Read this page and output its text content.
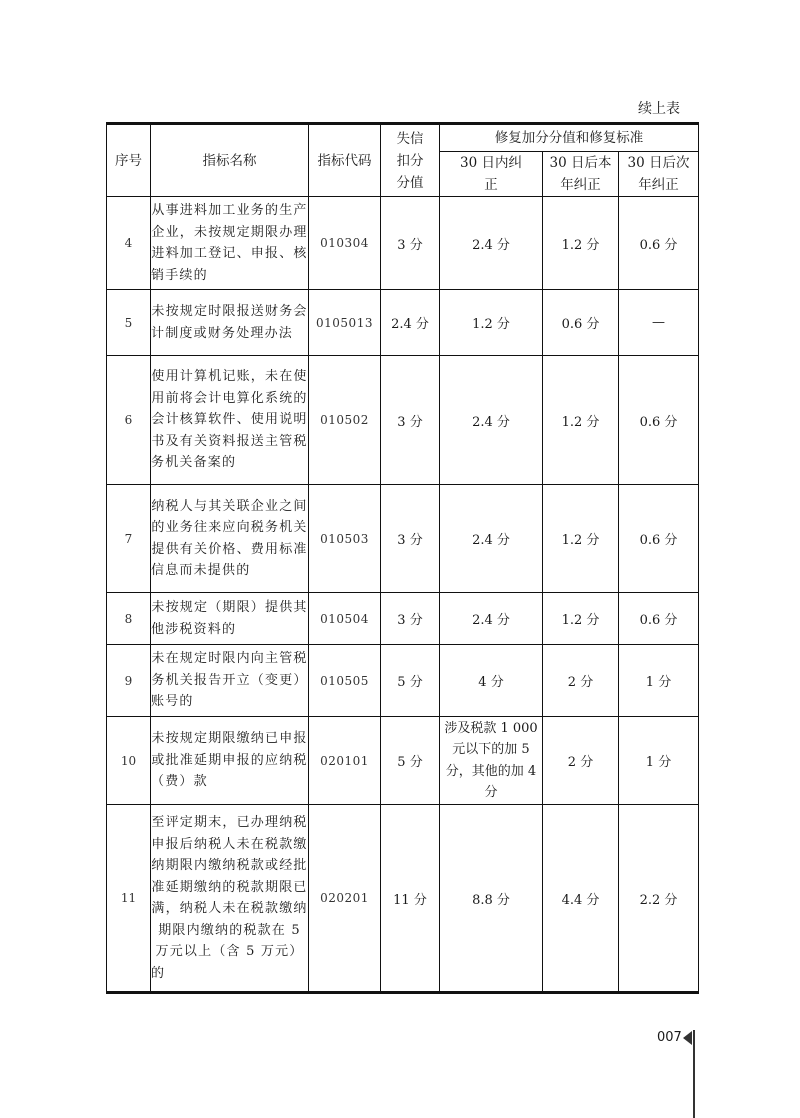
续上表
序号	指标名称	指标代码	失信扣分分值	修复加分分值和修复标准		
				30 日内纠正	30 日后本年纠正	30 日后次年纠正
4	从事进料加工业务的生产企业，未按规定期限办理进料加工登记、申报、核销手续的	010304	3 分	2.4 分	1.2 分	0.6 分
5	未按规定时限报送财务会计制度或财务处理办法	0105013	2.4 分	1.2 分	0.6 分	—
6	使用计算机记账，未在使用前将会计电算化系统的会计核算软件、使用说明书及有关资料报送主管税务机关备案的	010502	3 分	2.4 分	1.2 分	0.6 分
7	纳税人与其关联企业之间的业务往来应向税务机关提供有关价格、费用标准信息而未提供的	010503	3 分	2.4 分	1.2 分	0.6 分
8	未按规定（期限）提供其他涉税资料的	010504	3 分	2.4 分	1.2 分	0.6 分
9	未在规定时限内向主管税务机关报告开立（变更）账号的	010505	5 分	4 分	2 分	1 分
10	未按规定期限缴纳已申报或批准延期申报的应纳税（费）款	020101	5 分	涉及税款 1 000 元以下的加 5 分，其他的加 4 分	2 分	1 分
11	至评定期末，已办理纳税申报后纳税人未在税款缴纳期限内缴纳税款或经批准延期缴纳的税款期限已满，纳税人未在税款缴纳期限内缴纳的税款在 5 万元以上（含 5 万元）的	020201	11 分	8.8 分	4.4 分	2.2 分
007
